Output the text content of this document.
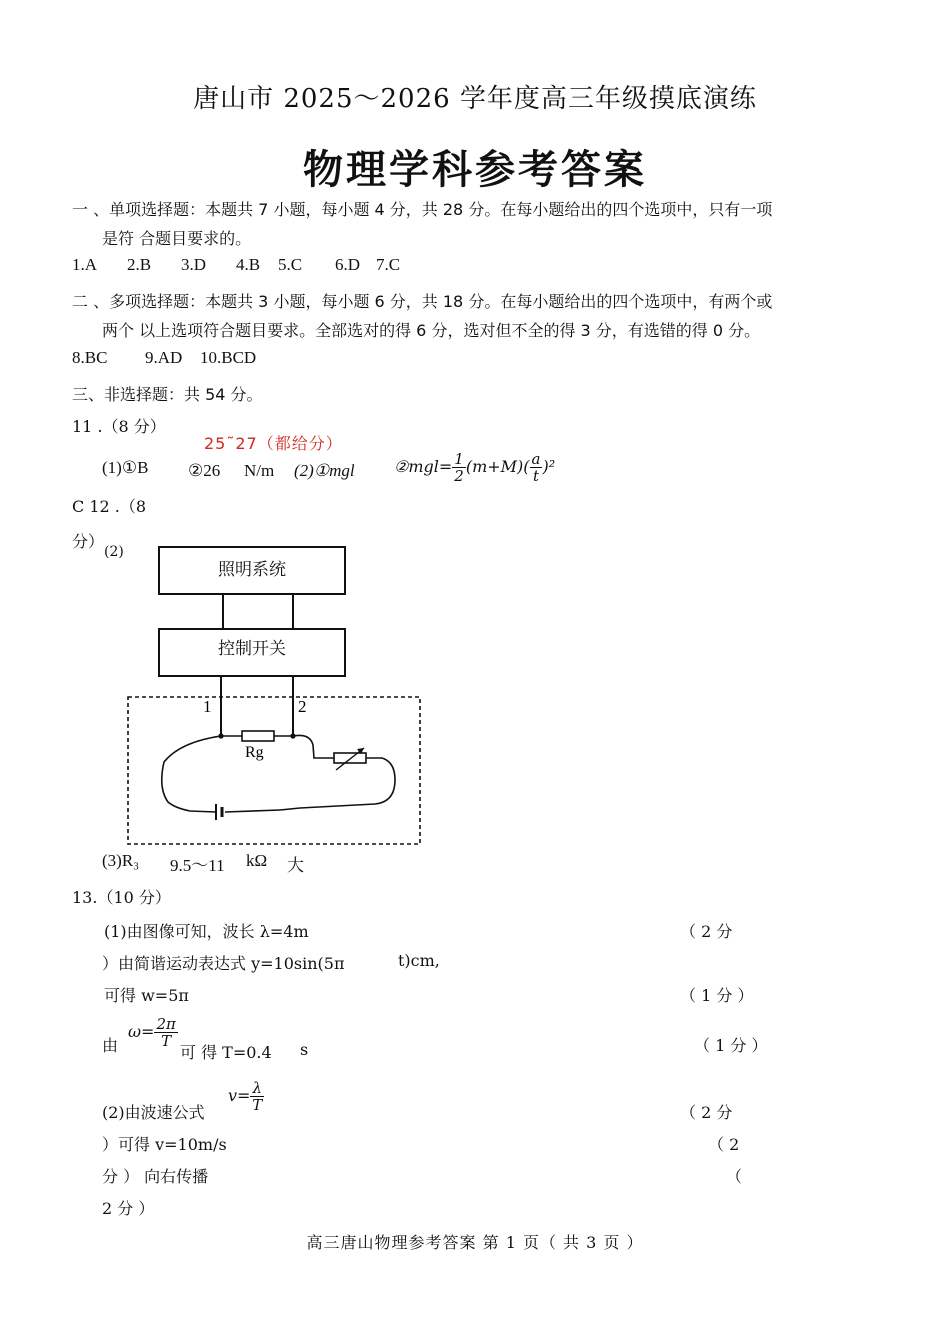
唐山市 2025～2026 学年度高三年级摸底演练
物理学科参考答案
一 、单项选择题：本题共 7 小题，每小题 4 分，共 28 分。在每小题给出的四个选项中，只有一项
是符 合题目要求的。
1.A 2.B 3.D 4.B 5.C 6.D 7.C
二 、多项选择题：本题共 3 小题，每小题 6 分，共 18 分。在每小题给出的四个选项中，有两个或
两个 以上选项符合题目要求。全部选对的得 6 分，选对但不全的得 3 分，有选错的得 0 分。
8.BC 9.AD 10.BCD
三、非选择题：共 54 分。
11 .（8 分）
25˜27（都给分）
(1)①B ②26 N/m (2)①mgl ②mgl= $\frac{1}{2} (m+M)( \frac{a}{t} )^2$
C 12 .（8
分）
(2)
1	2
Rg
照明系统
控制开关
(3)R₃ 9.5～11 kΩ 大
13.（10 分）
(1)由图像可知，波长 λ=4m	（ 2 分
）由简谐运动表达式 y=10sin(5π	t)cm,
可得 w=5π	（ 1 分 ）
由
$\omega= \frac{2\pi}{T}$
可 得 T=0.4 s	（ 1 分 ）
(2)由波速公式
$v= \frac{\lambda}{T}$	（ 2 分
）可得 v=10m/s	（ 2
分 ） 向右传播	（
2 分 ）
高三唐山物理参考答案 第 1 页（ 共 3 页 ）
